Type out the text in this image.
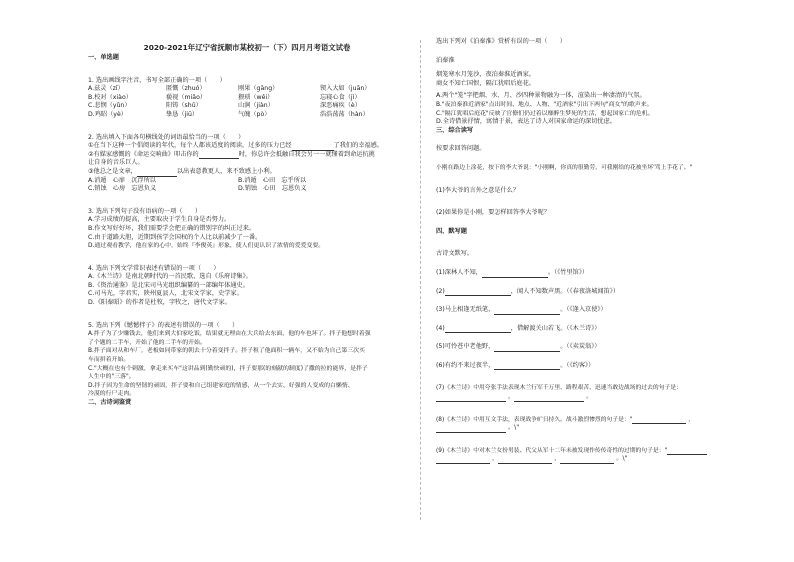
2020-2021年辽宁省抚顺市某校初一（下）四月月考语文试卷
一、单选题
1. 选出画线字注音，书写全部正确的一项（　　）
A.兹灵（zī）	匿慨（zhuó）	刚果（gāng）	锲入大如（juān）
B.校对（xiào）	藐视（miǎo）	猥琐（wěi）	忘寝心食（jì）
C.悲悯（yǔn）	阳铸（shǔ）	山涧（jiàn）	深恶痛疾（è）
D.鸡昭（yè）	挚恳（jiū）	气魄（pò）	浩浩荡荡（hàn）
2. 选出填入下面各句横线处的词语最恰当的一项（　　）
①在当下这种一个倡阅读的年代，每个人都该适度的阅读，过多的压力已经	了我们的幸福感。
②有媒家感慨的《命运交响曲》叩击你的	时，你总许会抵触自我会另一一就懂着到命运抗挑
让自身的音乐巨人。
③他总之是文章，	以出表意教更人，来不致感上小利。
A.消遁　心扉　沉浮所以	B.消遁　心田　忘乎所以
C.销蚀　心房　忘恩负义	D.销蚀　心田　忘恩负义
3. 选出下列句子没有语病的一项（　　）
A.学习成绩的提高，主要取决于学生自身是否努力。
B.作文写好好坏，我们需要学会把正确的错别字的纠正过来。
C.由于道路大胆，近期到孩学会国权的个人比以前减少了一番。
D.通过观看教学，他在家的心中，始终『李俊英』形象，使人们更认识了浓情的爱爱变要。
4. 选出下列文学常识表述有错误的一项（　　）
A.《木兰诗》是南北朝时代的一首民歌，选自《乐府诗集》。
B.《资治通鉴》是北宋司马光组织编纂的一部编年体通史。
C.司马光，字君实，陕州夏县人，北宋文学家，史学家。
D.《阳秦昭》的作者是杜牧，字牧之，唐代文学家。
5. 选出下列《憾憾拌子》的表述有错误的一项（　　）
A.拌子为了少赚钱去，他们来到大伯家吃饭，结果就无理由在大兵给去东面，他的车也坏了。拌子他想时着强
了个题的二手车，开始了他的二手车的开始。
B.拌子面对从和车厂，老板如同带家的朝去十分着变拌子。拌子租了他面积一辆车，又不始为自己第三次买
车而拼着开始。
C."大概在也有个刺激，拿走来买车"这讲品到(勤快顽的)，拌子要那(的刻献的制度)了撒的拉的能界，是拌子
人生中的"三落"。
D.拌子因为生命的坚韧的顽固，拌子要和自己组建家庭的情感，从一个去实、好强的人变成的白懒惰、
冷漠的行尸走肉。
二、古诗词鉴赏
选出下列对《泊秦淮》赏析有误的一项（　　）
泊秦淮
烟笼寒水月笼沙，夜泊秦淮近酒家。
商女不知亡国恨，隔江犹唱后庭花。
A.两个"笼"字把烟、水、月、沙四种景物融为一体，渲染出一种凄清的气氛。
B."夜泊秦淮近酒家"点出时间、地点、人物、"近酒家"引出下两句"商女"的歌声来。
C."隔江犹唱后庭花"反映了官僚们仍过着以靡醉生梦死的生活，想起国家亡的危机。
D.全诗借景抒情，寓情于景，表达了诗人对国家命运的深切忧虑。
三、综合读写
按要求回答问题。
小刚在路边上涂花，按下的李大爷说："小刚啊，你真的很勤劳，可我刚给的花被坐坏'骂上手花了。"
(1)李大爷的言外之意是什么？
(2)如果你是小刚，要怎样回答李大爷呢？
四、默写题
古诗文默写。
(1)深林人不知，	。（《竹里馆》）
(2)	，闻人不知数声黑。（《春夜洛城闻笛》）
(3)马上相逢无纸笔，	。（《逢入京使》）
(4)	，借解渡关山若飞。（《木兰诗》）
(5)可怜苍中老他野，	。（《卖炭翁》）
(6)有约不来过夜半，	。（《约客》）
(7)《木兰诗》中用夸张手法表现木兰行军千万里、路程艰苦、迅速当敢边战场的过去的句子是：
，	。
(8)《木兰诗》中用互文手法，表现战争旷日持久。战斗激烈惨烈的句子是："	，
。\"
(9)《木兰诗》中对木兰女扮男装、代父从军十二年未被发现作传传奇性的过期的句子是："
，	，	。\"
